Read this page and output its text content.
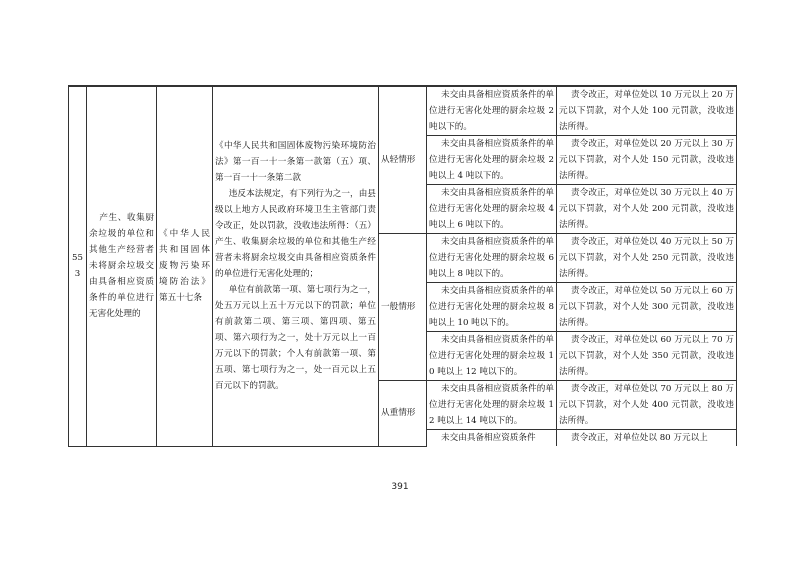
553	产生、收集厨余垃圾的单位和其他生产经营者未将厨余垃圾交由具备相应资质条件的单位进行无害化处理的	《中华人民共和国固体废物污染环境防治法》第五十七条	《中华人民共和国固体废物污染环境防治法》第一百一十一条第一款第（五）项、第一百一十一条第二款

违反本法规定，有下列行为之一，由县级以上地方人民政府环境卫生主管部门责令改正，处以罚款，没收违法所得：（五）产生、收集厨余垃圾的单位和其他生产经营者未将厨余垃圾交由具备相应资质条件的单位进行无害化处理的；

单位有前款第一项、第七项行为之一，处五万元以上五十万元以下的罚款；单位有前款第二项、第三项、第四项、第五项、第六项行为之一，处十万元以上一百万元以下的罚款；个人有前款第一项、第五项、第七项行为之一，处一百元以上五百元以下的罚款。	从轻情形	未交由具备相应资质条件的单位进行无害化处理的厨余垃圾 2 吨以下的。	责令改正，对单位处以 10 万元以上 20 万元以下罚款，对个人处 100 元罚款，没收违法所得。
					未交由具备相应资质条件的单位进行无害化处理的厨余垃圾 2 吨以上 4 吨以下的。	责令改正，对单位处以 20 万元以上 30 万元以下罚款，对个人处 150 元罚款，没收违法所得。
					未交由具备相应资质条件的单位进行无害化处理的厨余垃圾 4 吨以上 6 吨以下的。	责令改正，对单位处以 30 万元以上 40 万元以下罚款，对个人处 200 元罚款，没收违法所得。
				一般情形	未交由具备相应资质条件的单位进行无害化处理的厨余垃圾 6 吨以上 8 吨以下的。	责令改正，对单位处以 40 万元以上 50 万元以下罚款，对个人处 250 元罚款，没收违法所得。
					未交由具备相应资质条件的单位进行无害化处理的厨余垃圾 8 吨以上 10 吨以下的。	责令改正，对单位处以 50 万元以上 60 万元以下罚款，对个人处 300 元罚款，没收违法所得。
					未交由具备相应资质条件的单位进行无害化处理的厨余垃圾 10 吨以上 12 吨以下的。	责令改正，对单位处以 60 万元以上 70 万元以下罚款，对个人处 350 元罚款，没收违法所得。
				从重情形	未交由具备相应资质条件的单位进行无害化处理的厨余垃圾 12 吨以上 14 吨以下的。	责令改正，对单位处以 70 万元以上 80 万元以下罚款，对个人处 400 元罚款，没收违法所得。
					未交由具备相应资质条件	责令改正，对单位处以 80 万元以上
391
